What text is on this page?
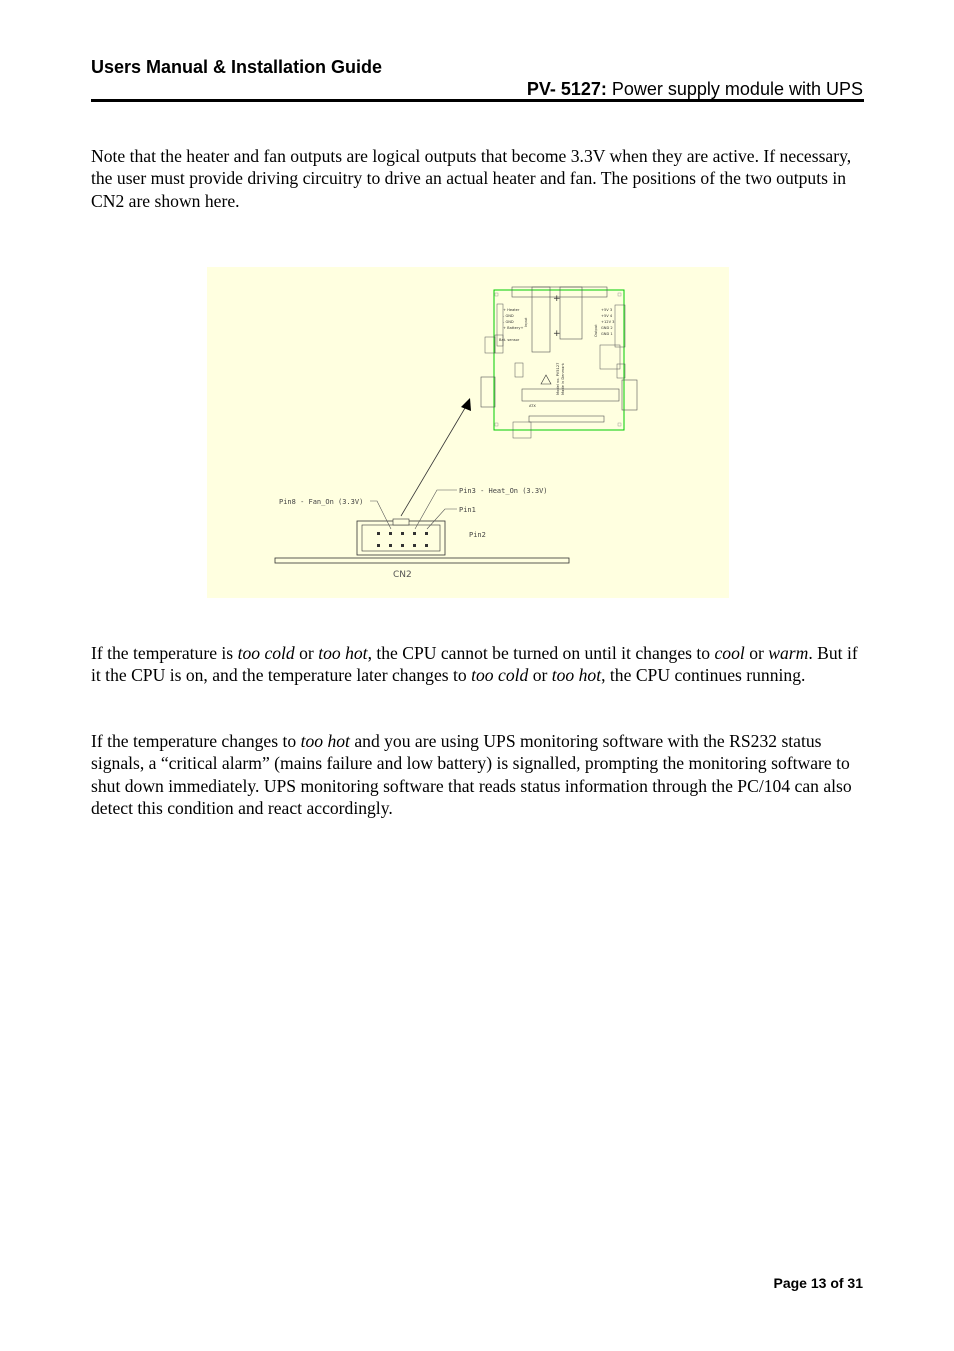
Users Manual & Installation Guide
PV- 5127: Power supply module with UPS

Note that the heater and fan outputs are logical outputs that become 3.3V when they are active. If necessary, the user must provide driving circuitry to drive an actual heater and fan. The positions of the two outputs in CN2 are shown here.

+
+
+ Heater
- GND
- GND
+ Battery+
Bat. sensor
+5V 3
+5V 4
+12V 3
GND 2
GND 1
Input
Output
ATX
Model no. PV5127 Made in Denmark
Pin8 - Fan_On (3.3V)
Pin3 - Heat_On (3.3V)
Pin1
Pin2
CN2

If the temperature is too cold or too hot, the CPU cannot be turned on until it changes to cool or warm. But if it the CPU is on, and the temperature later changes to too cold or too hot, the CPU continues running.

If the temperature changes to too hot and you are using UPS monitoring software with the RS232 status signals, a “critical alarm” (mains failure and low battery) is signalled, prompting the monitoring software to shut down immediately. UPS monitoring software that reads status information through the PC/104 can also detect this condition and react accordingly.

Page 13 of 31
